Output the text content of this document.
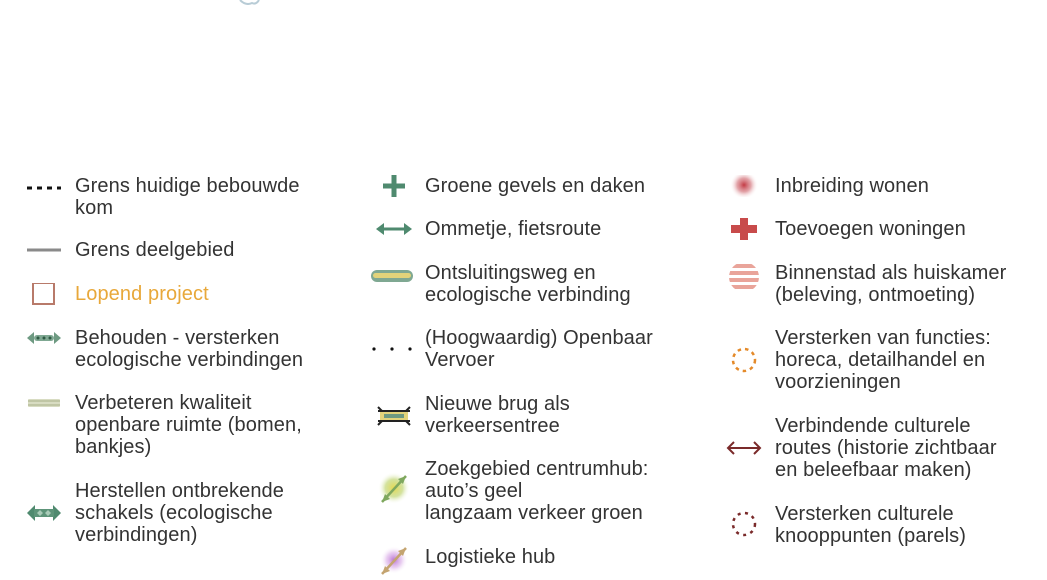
Grens huidige bebouwde
kom
Grens deelgebied
Lopend project
Behouden - versterken
ecologische verbindingen
Verbeteren kwaliteit
openbare ruimte (bomen,
bankjes)
Herstellen ontbrekende
schakels (ecologische
verbindingen)
Groene gevels en daken
Ommetje, fietsroute
Ontsluitingsweg en
ecologische verbinding
(Hoogwaardig) Openbaar
Vervoer
Nieuwe brug als
verkeersentree
Zoekgebied centrumhub:
auto’s geel
langzaam verkeer groen
Logistieke hub
Inbreiding wonen
Toevoegen woningen
Binnenstad als huiskamer
(beleving, ontmoeting)
Versterken van functies:
horeca, detailhandel en
voorzieningen
Verbindende culturele
routes (historie zichtbaar
en beleefbaar maken)
Versterken culturele
knooppunten (parels)
